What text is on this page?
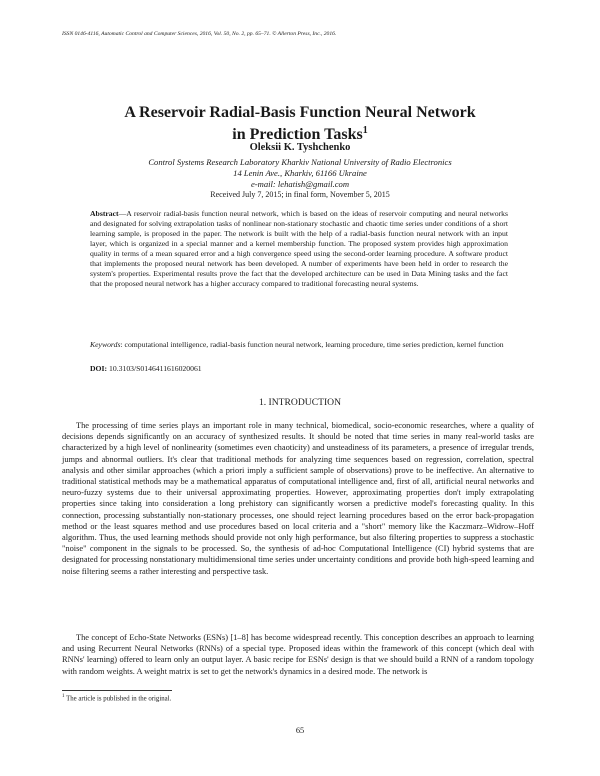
ISSN 0146-4116, Automatic Control and Computer Sciences, 2016, Vol. 50, No. 2, pp. 65–71. © Allerton Press, Inc., 2016.
A Reservoir Radial-Basis Function Neural Network
in Prediction Tasks$^1$
Oleksii K. Tyshchenko
Control Systems Research Laboratory Kharkiv National University of Radio Electronics
14 Lenin Ave., Kharkiv, 61166 Ukraine
e-mail: lehatish@gmail.com
Received July 7, 2015; in final form, November 5, 2015

Abstract—A reservoir radial-basis function neural network, which is based on the ideas of reservoir computing and neural networks and designated for solving extrapolation tasks of nonlinear non-stationary stochastic and chaotic time series under conditions of a short learning sample, is proposed in the paper. The network is built with the help of a radial-basis function neural network with an input layer, which is organized in a special manner and a kernel membership function. The proposed system provides high approximation quality in terms of a mean squared error and a high convergence speed using the second-order learning procedure. A software product that implements the proposed neural network has been developed. A number of experiments have been held in order to research the system's properties. Experimental results prove the fact that the developed architecture can be used in Data Mining tasks and the fact that the proposed neural network has a higher accuracy compared to traditional forecasting neural systems.

Keywords: computational intelligence, radial-basis function neural network, learning procedure, time series prediction, kernel function

DOI: 10.3103/S0146411616020061
1. INTRODUCTION

The processing of time series plays an important role in many technical, biomedical, socio-economic researches, where a quality of decisions depends significantly on an accuracy of synthesized results. It should be noted that time series in many real-world tasks are characterized by a high level of nonlinearity (sometimes even chaoticity) and unsteadiness of its parameters, a presence of irregular trends, jumps and abnormal outliers. It's clear that traditional methods for analyzing time sequences based on regression, correlation, spectral analysis and other similar approaches (which a priori imply a sufficient sample of observations) prove to be ineffective. An alternative to traditional statistical methods may be a mathematical apparatus of computational intelligence and, first of all, artificial neural networks and neuro-fuzzy systems due to their universal approximating properties. However, approximating properties don't imply extrapolating properties since taking into consideration a long prehistory can significantly worsen a predictive model's forecasting quality. In this connection, processing substantially non-stationary processes, one should reject learning procedures based on the error back-propagation method or the least squares method and use procedures based on local criteria and a "short" memory like the Kaczmarz–Widrow–Hoff algorithm. Thus, the used learning methods should provide not only high performance, but also filtering properties to suppress a stochastic "noise" component in the signals to be processed. So, the synthesis of ad-hoc Computational Intelligence (CI) hybrid systems that are designated for processing nonstationary multidimensional time series under uncertainty conditions and provide both high-speed learning and noise filtering seems a rather interesting and perspective task.

The concept of Echo-State Networks (ESNs) [1–8] has become widespread recently. This conception describes an approach to learning and using Recurrent Neural Networks (RNNs) of a special type. Proposed ideas within the framework of this concept (which deal with RNNs' learning) offered to learn only an output layer. A basic recipe for ESNs' design is that we should build a RNN of a random topology with random weights. A weight matrix is set to get the network's dynamics in a desired mode. The network is

$^1$ The article is published in the original.
65
